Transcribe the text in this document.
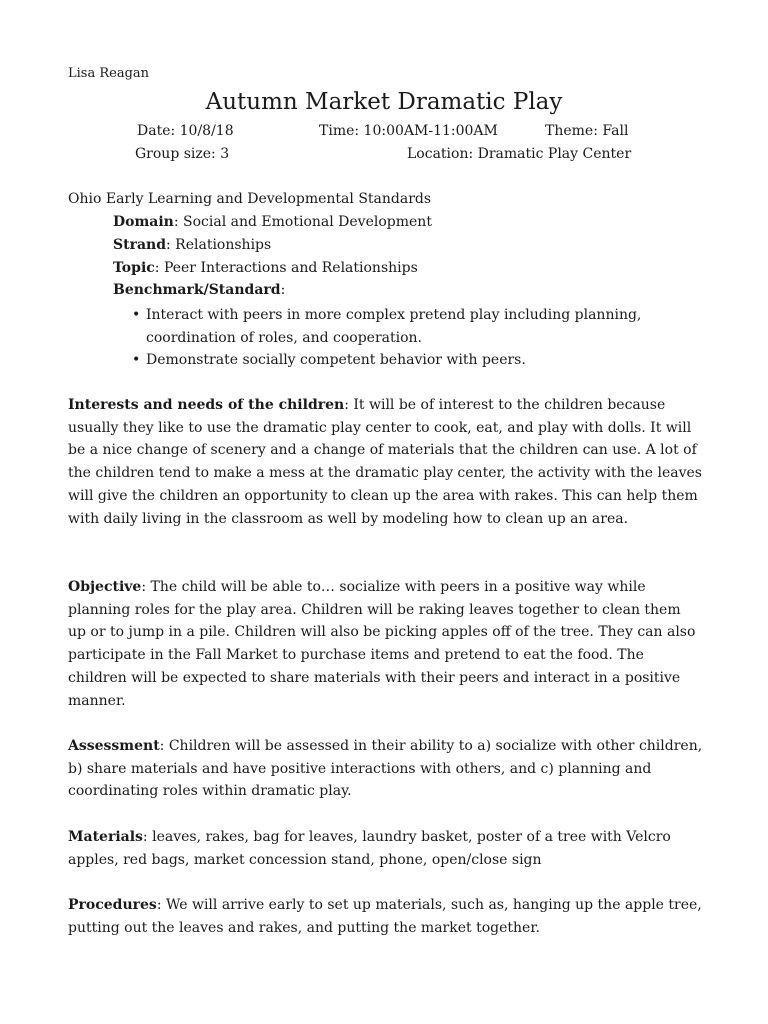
Lisa Reagan
Autumn Market Dramatic Play
Date: 10/8/18	Time: 10:00AM-11:00AM	Theme: Fall
Group size: 3	Location: Dramatic Play Center
Ohio Early Learning and Developmental Standards
Domain: Social and Emotional Development
Strand: Relationships
Topic: Peer Interactions and Relationships
Benchmark/Standard:
• Interact with peers in more complex pretend play including planning, coordination of roles, and cooperation.
• Demonstrate socially competent behavior with peers.
Interests and needs of the children: It will be of interest to the children because usually they like to use the dramatic play center to cook, eat, and play with dolls. It will be a nice change of scenery and a change of materials that the children can use. A lot of the children tend to make a mess at the dramatic play center, the activity with the leaves will give the children an opportunity to clean up the area with rakes. This can help them with daily living in the classroom as well by modeling how to clean up an area.
Objective: The child will be able to… socialize with peers in a positive way while planning roles for the play area. Children will be raking leaves together to clean them up or to jump in a pile. Children will also be picking apples off of the tree. They can also participate in the Fall Market to purchase items and pretend to eat the food. The children will be expected to share materials with their peers and interact in a positive manner.
Assessment: Children will be assessed in their ability to a) socialize with other children, b) share materials and have positive interactions with others, and c) planning and coordinating roles within dramatic play.
Materials: leaves, rakes, bag for leaves, laundry basket, poster of a tree with Velcro apples, red bags, market concession stand, phone, open/close sign
Procedures: We will arrive early to set up materials, such as, hanging up the apple tree, putting out the leaves and rakes, and putting the market together.
